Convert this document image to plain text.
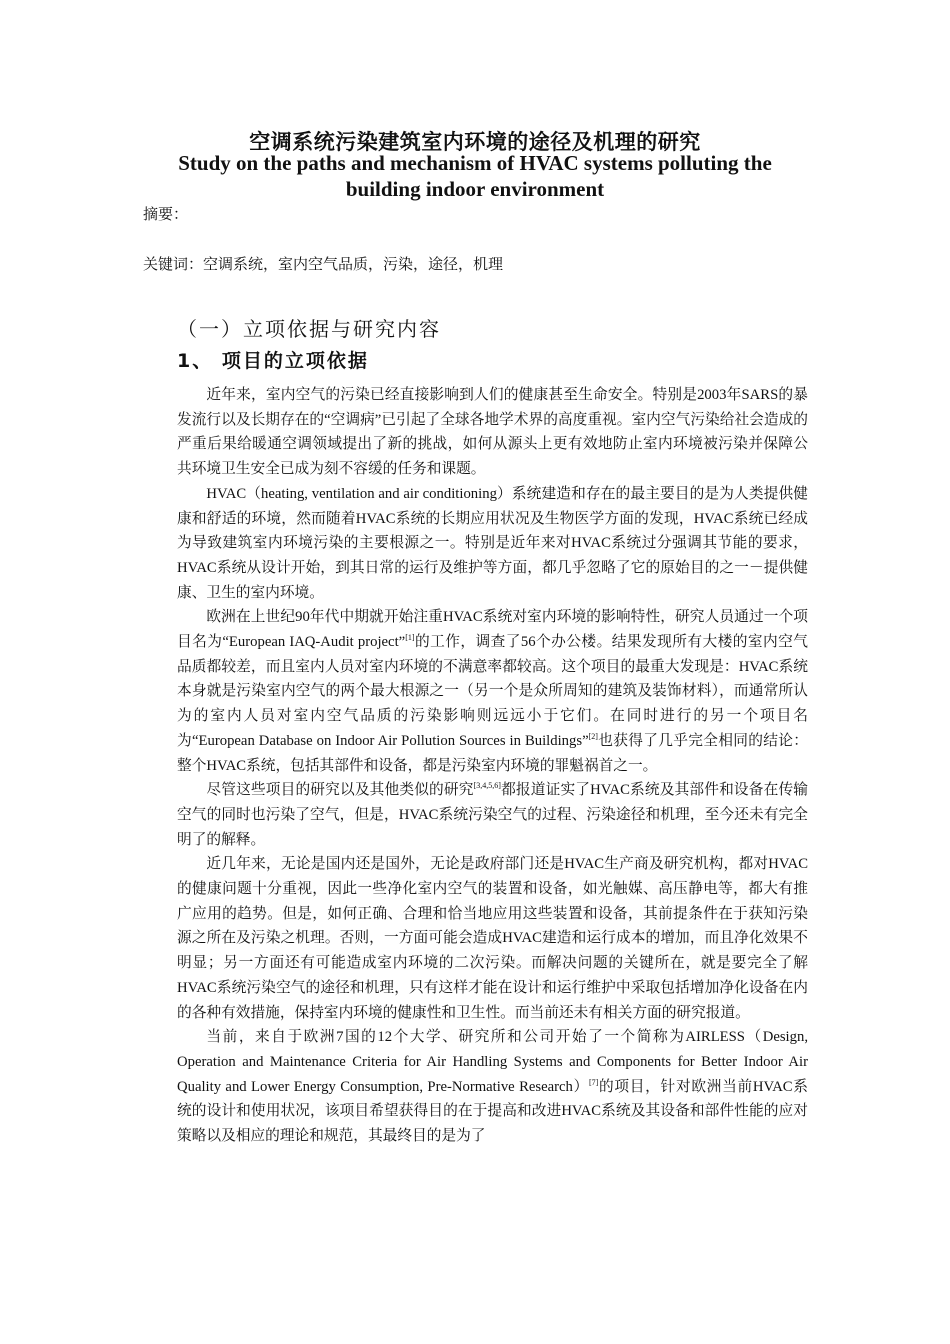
空调系统污染建筑室内环境的途径及机理的研究
Study on the paths and mechanism of HVAC systems polluting the building indoor environment
摘要：
关键词：空调系统，室内空气品质，污染，途径，机理
（一）立项依据与研究内容
1、 项目的立项依据

近年来，室内空气的污染已经直接影响到人们的健康甚至生命安全。特别是2003年SARS的暴发流行以及长期存在的“空调病”已引起了全球各地学术界的高度重视。室内空气污染给社会造成的严重后果给暖通空调领域提出了新的挑战，如何从源头上更有效地防止室内环境被污染并保障公共环境卫生安全已成为刻不容缓的任务和课题。

HVAC（heating, ventilation and air conditioning）系统建造和存在的最主要目的是为人类提供健康和舒适的环境，然而随着HVAC系统的长期应用状况及生物医学方面的发现，HVAC系统已经成为导致建筑室内环境污染的主要根源之一。特别是近年来对HVAC系统过分强调其节能的要求，HVAC系统从设计开始，到其日常的运行及维护等方面，都几乎忽略了它的原始目的之一－提供健康、卫生的室内环境。

欧洲在上世纪90年代中期就开始注重HVAC系统对室内环境的影响特性，研究人员通过一个项目名为“European IAQ-Audit project”[1]的工作，调查了56个办公楼。结果发现所有大楼的室内空气品质都较差，而且室内人员对室内环境的不满意率都较高。这个项目的最重大发现是：HVAC系统本身就是污染室内空气的两个最大根源之一（另一个是众所周知的建筑及装饰材料），而通常所认为的室内人员对室内空气品质的污染影响则远远小于它们。在同时进行的另一个项目名为“European Database on Indoor Air Pollution Sources in Buildings”[2]也获得了几乎完全相同的结论：整个HVAC系统，包括其部件和设备，都是污染室内环境的罪魁祸首之一。

尽管这些项目的研究以及其他类似的研究[3,4,5,6]都报道证实了HVAC系统及其部件和设备在传输空气的同时也污染了空气，但是，HVAC系统污染空气的过程、污染途径和机理，至今还未有完全明了的解释。

近几年来，无论是国内还是国外，无论是政府部门还是HVAC生产商及研究机构，都对HVAC的健康问题十分重视，因此一些净化室内空气的装置和设备，如光触媒、高压静电等，都大有推广应用的趋势。但是，如何正确、合理和恰当地应用这些装置和设备，其前提条件在于获知污染源之所在及污染之机理。否则，一方面可能会造成HVAC建造和运行成本的增加，而且净化效果不明显；另一方面还有可能造成室内环境的二次污染。而解决问题的关键所在，就是要完全了解HVAC系统污染空气的途径和机理，只有这样才能在设计和运行维护中采取包括增加净化设备在内的各种有效措施，保持室内环境的健康性和卫生性。而当前还未有相关方面的研究报道。

当前，来自于欧洲7国的12个大学、研究所和公司开始了一个简称为AIRLESS（Design, Operation and Maintenance Criteria for Air Handling Systems and Components for Better Indoor Air Quality and Lower Energy Consumption, Pre-Normative Research）[7]的项目，针对欧洲当前HVAC系统的设计和使用状况，该项目希望获得目的在于提高和改进HVAC系统及其设备和部件性能的应对策略以及相应的理论和规范，其最终目的是为了
